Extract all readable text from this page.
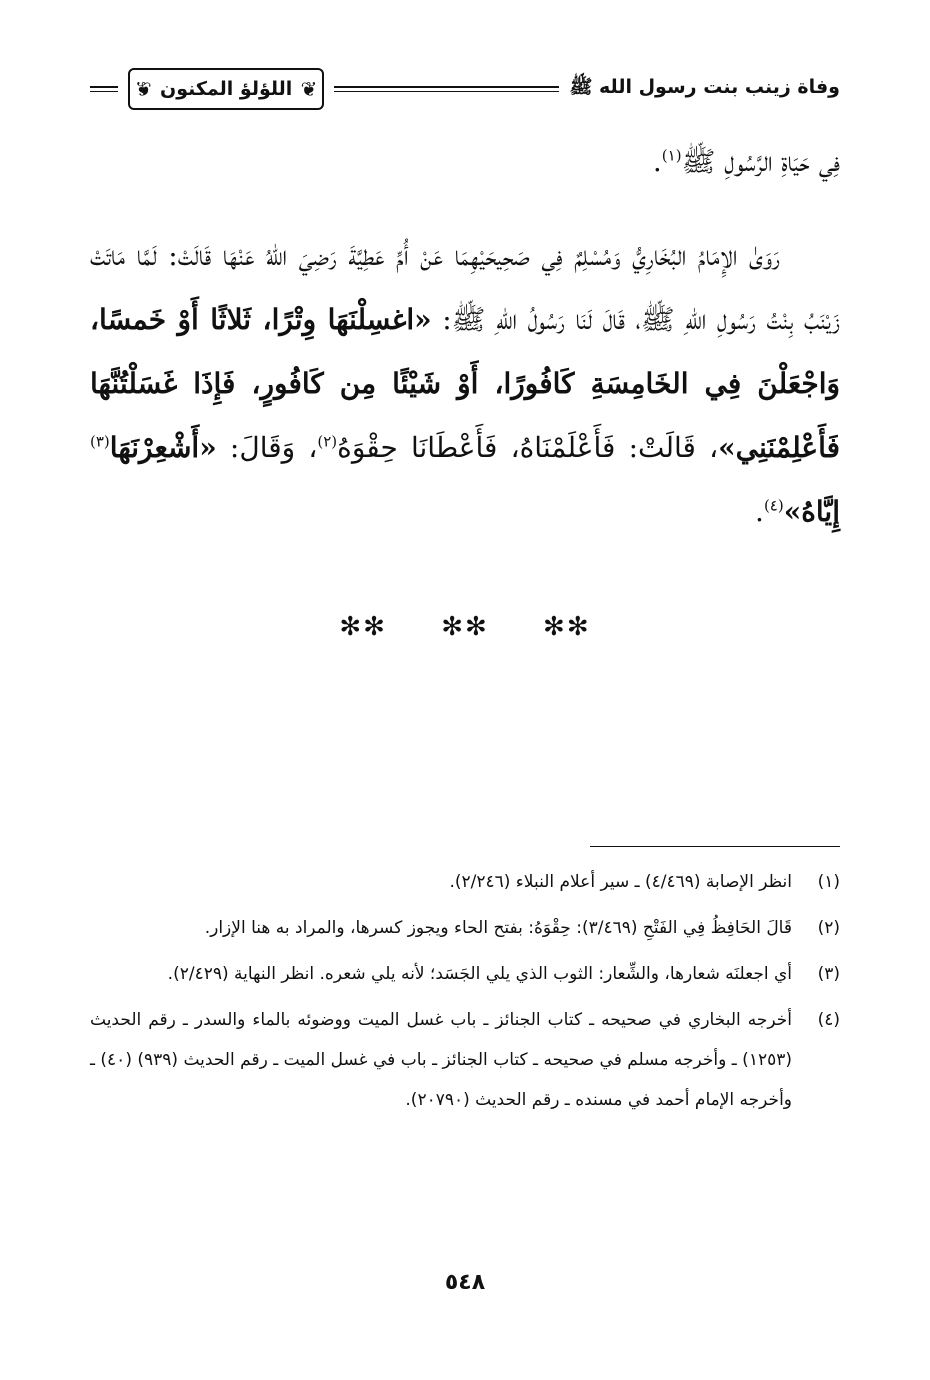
وفاة زينب بنت رسول الله ﷺ
❦ اللؤلؤ المكنون ❦

فِي حَيَاةِ الرَّسُولِ ﷺ$^{(١)}$.

رَوَىٰ الإِمَامُ البُخَارِيُّ وَمُسْلِمٌ فِي صَحِيحَيْهِمَا عَنْ أُمِّ عَطِيَّةَ رَضِيَ اللهُ عَنْهَا قَالَتْ: لَمَّا مَاتَتْ زَيْنَبُ بِنْتُ رَسُولِ اللهِ ﷺ، قَالَ لَنَا رَسُولُ اللهِ ﷺ: «اغسِلْنَهَا وِتْرًا، ثَلاثًا أَوْ خَمسًا، وَاجْعَلْنَ فِي الخَامِسَةِ كَافُورًا، أَوْ شَيْئًا مِن كَافُورٍ، فَإِذَا غَسَلْتُنَّهَا فَأَعْلِمْنَنِي»، قَالَتْ: فَأَعْلَمْنَاهُ، فَأَعْطَانَا حِقْوَهُ$^{(٢)}$، وَقَالَ: «أَشْعِرْنَهَا$^{(٣)}$ إِيَّاهُ»$^{(٤)}$.

✻✻ ✻✻ ✻✻
(١)
انظر الإصابة (٤/٤٦٩) ـ سير أعلام النبلاء (٢/٢٤٦).
(٢)
قَالَ الحَافِظُ فِي الفَتْحِ (٣/٤٦٩): حِقْوَهُ: بفتح الحاء ويجوز كسرها، والمراد به هنا الإزار.
(٣)
أي اجعلنَه شعارها، والشِّعار: الثوب الذي يلي الجَسَد؛ لأنه يلي شعره. انظر النهاية (٢/٤٢٩).
(٤)
أخرجه البخاري في صحيحه ـ كتاب الجنائز ـ باب غسل الميت ووضوئه بالماء والسدر ـ رقم الحديث (١٢٥٣) ـ وأخرجه مسلم في صحيحه ـ كتاب الجنائز ـ باب في غسل الميت ـ رقم الحديث (٩٣٩) (٤٠) ـ وأخرجه الإمام أحمد في مسنده ـ رقم الحديث (٢٠٧٩٠).
٥٤٨
